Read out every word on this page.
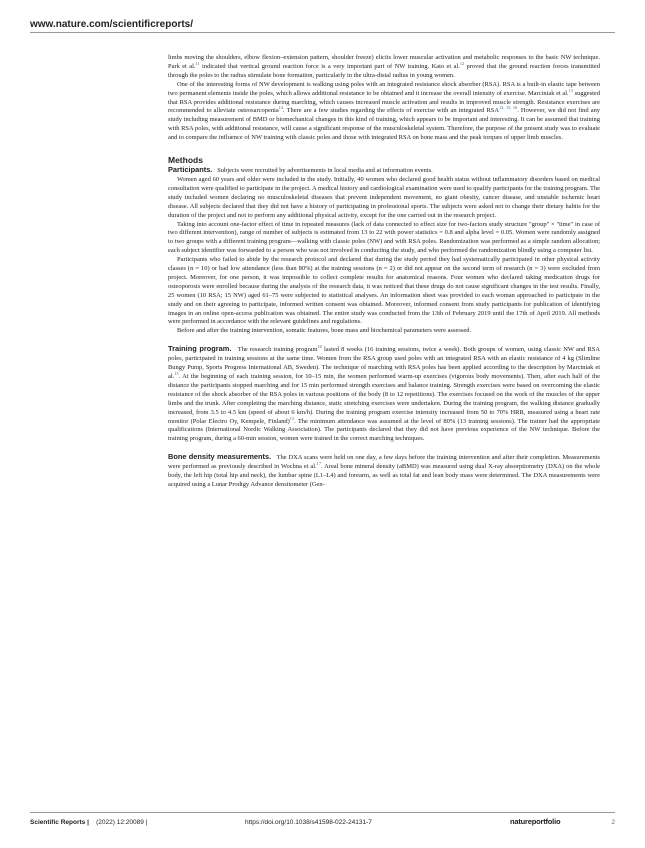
www.nature.com/scientificreports/

limbs moving the shoulders, elbow flexion–extension pattern, shoulder freeze) elicits lower muscular activation and metabolic responses to the basic NW technique. Park et al.$^{11}$ indicated that vertical ground reaction force is a very important part of NW training. Kato et al.$^{12}$ proved that the ground reaction forces transmitted through the poles to the radius stimulate bone formation, particularly in the ultra-distal radius in young women.

One of the interesting forms of NW development is walking using poles with an integrated resistance shock absorber (RSA). RSA is a built-in elastic tape between two permanent elements inside the poles, which allows additional resistance to be obtained and it increase the overall intensity of exercise. Marciniak et al.$^{13}$ suggested that RSA provides additional resistance during marching, which causes increased muscle activation and results in improved muscle strength. Resistance exercises are recommended to alleviate osteosarcopenia$^{14}$. There are a few studies regarding the effects of exercise with an integrated RSA$^{13, 15, 16}$. However, we did not find any study including measurement of BMD or biomechanical changes in this kind of training, which appears to be important and interesting. It can be assumed that training with RSA poles, with additional resistance, will cause a significant response of the musculoskeletal system. Therefore, the purpose of the present study was to evaluate and to compare the influence of NW training with classic poles and those with integrated RSA on bone mass and the peak torques of upper limb muscles.

Methods

Participants. Subjects were recruited by advertisements in local media and at information events.

Women aged 60 years and older were included in the study. Initially, 40 women who declared good health status without inflammatory disorders based on medical consultation were qualified to participate in the project. A medical history and cardiological examination were used to qualify participants for the training program. The study included women declaring no musculoskeletal diseases that prevent independent movement, no giant obesity, cancer disease, and unstable ischemic heart disease. All subjects declared that they did not have a history of participating in professional sports. The subjects were asked not to change their dietary habits for the duration of the project and not to perform any additional physical activity, except for the one carried out in the research project.

Taking into account one-factor effect of time in repeated measures (lack of data connected to effect size for two-factors study structure "group" × "time" in case of two different intervention), range of number of subjects is estimated from 13 to 22 with power statistics = 0.8 and alpha level = 0.05. Women were randomly assigned to two groups with a different training program—walking with classic poles (NW) and with RSA poles. Randomization was performed as a simple random allocation; each subject identifier was forwarded to a person who was not involved in conducting the study, and who performed the randomization blindly using a computer list.

Participants who failed to abide by the research protocol and declared that during the study period they had systematically participated in other physical activity classes (n = 10) or had low attendance (less than 80%) at the training sessions (n = 2) or did not appear on the second term of research (n = 3) were excluded from project. Moreover, for one person, it was impossible to collect complete results for anatomical reasons. Four women who declared taking medication drugs for osteoporosis were enrolled because during the analysis of the research data, it was noticed that these drugs do not cause significant changes in the test results. Finally, 25 women (10 RSA; 15 NW) aged 61–75 were subjected to statistical analyses. An information sheet was provided to each woman approached to participate in the study and on their agreeing to participate, informed written consent was obtained. Moreover, informed consent from study participants for publication of identifying images in an online open-access publication was obtained. The entire study was conducted from the 13th of February 2019 until the 17th of April 2019. All methods were performed in accordance with the relevant guidelines and regulations.

Before and after the training intervention, somatic features, bone mass and biochemical parameters were assessed.

Training program. The research training program$^{16}$ lasted 8 weeks (16 training sessions, twice a week). Both groups of women, using classic NW and RSA poles, participated in training sessions at the same time. Women from the RSA group used poles with an integrated RSA with an elastic resistance of 4 kg (Slimline Bungy Pump, Sports Progress International AB, Sweden). The technique of marching with RSA poles has been applied according to the description by Marciniak et al.$^{13}$. At the beginning of each training session, for 10–15 min, the women performed warm-up exercises (vigorous body movements). Then, after each half of the distance the participants stopped marching and for 15 min performed strength exercises and balance training. Strength exercises were based on overcoming the elastic resistance of the shock absorber of the RSA poles in various positions of the body (8 to 12 repetitions). The exercises focused on the work of the muscles of the upper limbs and the trunk. After completing the marching distance, static stretching exercises were undertaken. During the training program, the walking distance gradually increased, from 3.5 to 4.5 km (speed of about 6 km/h). During the training program exercise intensity increased from 50 to 70% HRR, measured using a heart rate monitor (Polar Electro Oy, Kempele, Finland)$^{13}$. The minimum attendance was assumed at the level of 80% (13 training sessions). The trainer had the appropriate qualifications (International Nordic Walking Association). The participants declared that they did not have previous experience of the NW technique. Before the training program, during a 60-min session, women were trained in the correct marching techniques.

Bone density measurements. The DXA scans were held on one day, a few days before the training intervention and after their completion. Measurements were performed as previously described in Wochna et al.$^{17}$. Areal bone mineral density (aBMD) was measured using dual X-ray absorptiometry (DXA) on the whole body, the left hip (total hip and neck), the lumbar spine (L1–L4) and forearm, as well as total fat and lean body mass were determined. The DXA measurements were acquired using a Lunar Prodigy Advance densitometer (Gen-

Scientific Reports | (2022) 12:20089 |	https://doi.org/10.1038/s41598-022-24131-7	natureportfolio	2
